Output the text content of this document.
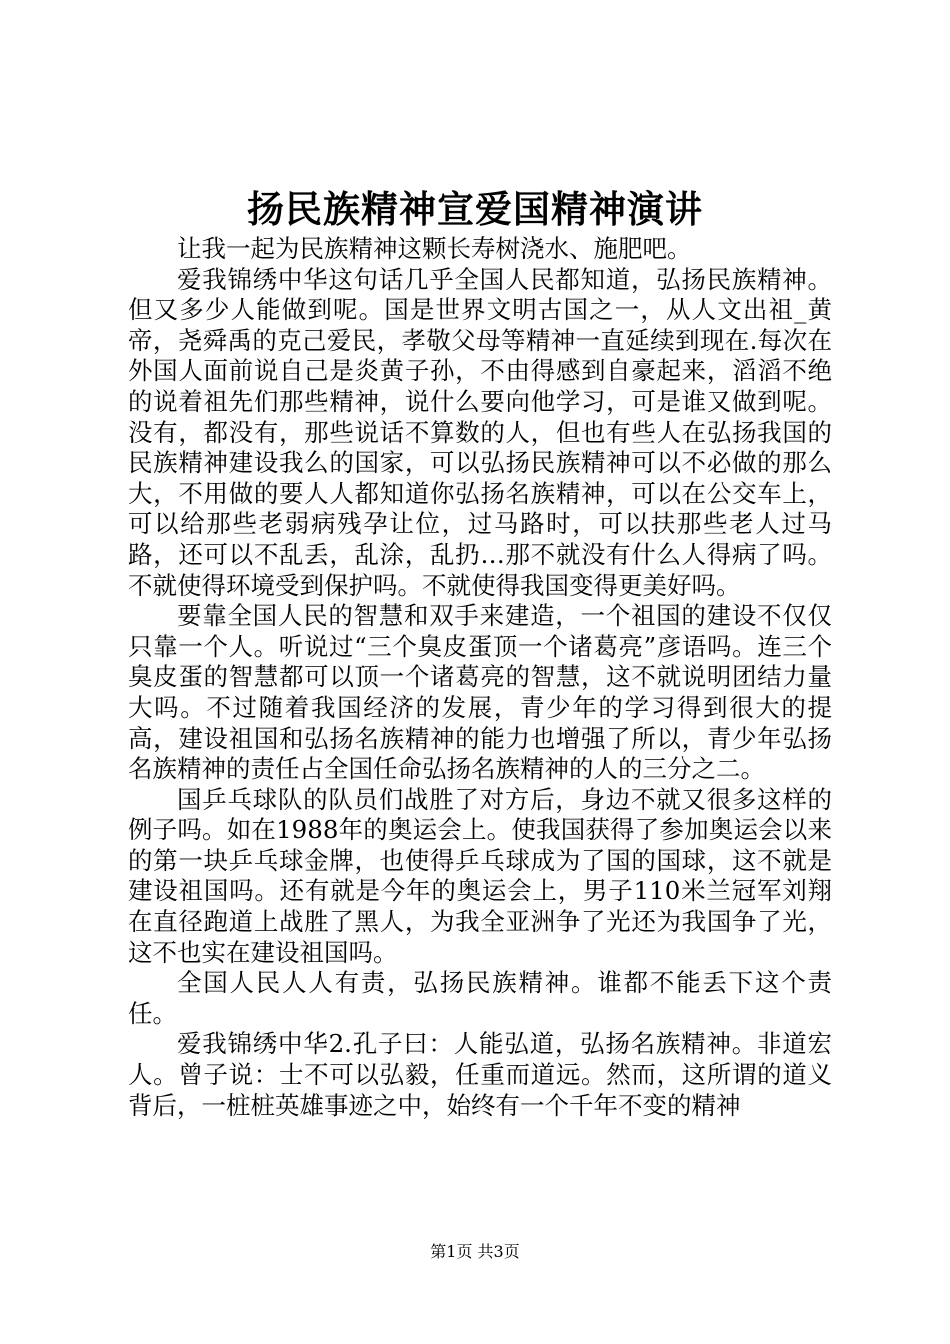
扬民族精神宣爱国精神演讲

让我一起为民族精神这颗长寿树浇水、施肥吧。

爱我锦绣中华这句话几乎全国人民都知道，弘扬民族精神。但又多少人能做到呢。国是世界文明古国之一，从人文出祖_黄帝，尧舜禹的克己爱民，孝敬父母等精神一直延续到现在.每次在外国人面前说自己是炎黄子孙，不由得感到自豪起来，滔滔不绝的说着祖先们那些精神，说什么要向他学习，可是谁又做到呢。没有，都没有，那些说话不算数的人，但也有些人在弘扬我国的民族精神建设我么的国家，可以弘扬民族精神可以不必做的那么大，不用做的要人人都知道你弘扬名族精神，可以在公交车上，可以给那些老弱病残孕让位，过马路时，可以扶那些老人过马路，还可以不乱丢，乱涂，乱扔…那不就没有什么人得病了吗。不就使得环境受到保护吗。不就使得我国变得更美好吗。

要靠全国人民的智慧和双手来建造，一个祖国的建设不仅仅只靠一个人。听说过“三个臭皮蛋顶一个诸葛亮”彦语吗。连三个臭皮蛋的智慧都可以顶一个诸葛亮的智慧，这不就说明团结力量大吗。不过随着我国经济的发展，青少年的学习得到很大的提高，建设祖国和弘扬名族精神的能力也增强了所以，青少年弘扬名族精神的责任占全国任命弘扬名族精神的人的三分之二。

国乒乓球队的队员们战胜了对方后，身边不就又很多这样的例子吗。如在1988年的奥运会上。使我国获得了参加奥运会以来的第一块乒乓球金牌，也使得乒乓球成为了国的国球，这不就是建设祖国吗。还有就是今年的奥运会上，男子110米兰冠军刘翔在直径跑道上战胜了黑人，为我全亚洲争了光还为我国争了光，这不也实在建设祖国吗。

全国人民人人有责，弘扬民族精神。谁都不能丢下这个责任。

爱我锦绣中华2.孔子曰：人能弘道，弘扬名族精神。非道宏人。曾子说：士不可以弘毅，任重而道远。然而，这所谓的道义背后，一桩桩英雄事迹之中，始终有一个千年不变的精神

第1页 共3页
